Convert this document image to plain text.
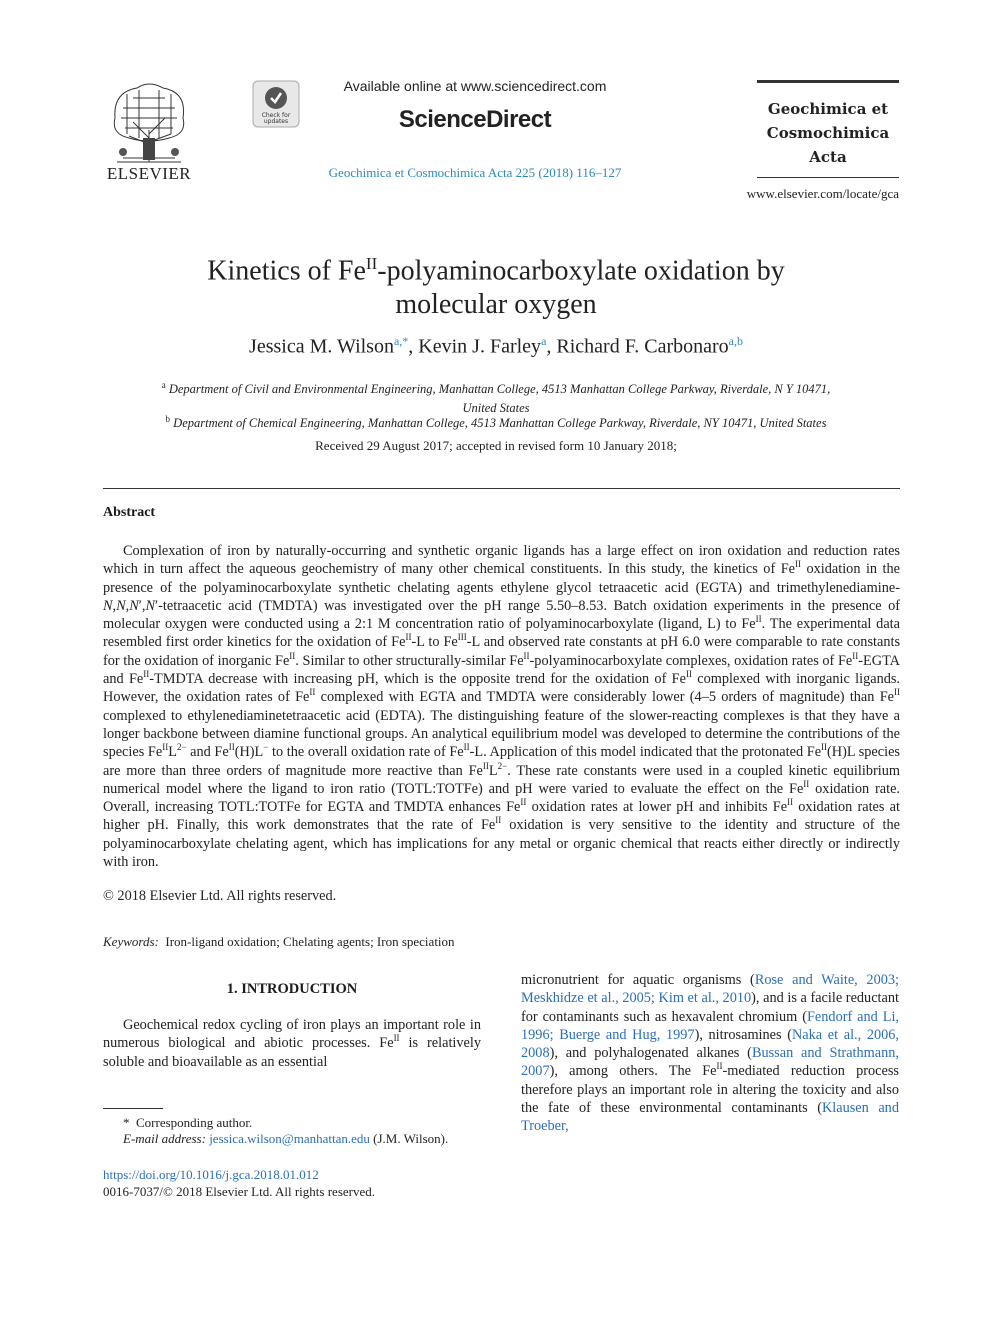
ELSEVIER
Check for
updates
Available online at www.sciencedirect.com
ScienceDirect
Geochimica et Cosmochimica Acta 225 (2018) 116–127
Geochimica et
Cosmochimica
Acta
www.elsevier.com/locate/gca
Kinetics of $Fe^{II}$-polyaminocarboxylate oxidation by
molecular oxygen
Jessica M. Wilson$^{a,*}$, Kevin J. Farley$^a$, Richard F. Carbonaro$^{a,b}$
$^a$ Department of Civil and Environmental Engineering, Manhattan College, 4513 Manhattan College Parkway, Riverdale, N Y 10471,
United States
$^b$ Department of Chemical Engineering, Manhattan College, 4513 Manhattan College Parkway, Riverdale, NY 10471, United States
Received 29 August 2017; accepted in revised form 10 January 2018;
Abstract
Complexation of iron by naturally-occurring and synthetic organic ligands has a large effect on iron oxidation and reduction rates which in turn affect the aqueous geochemistry of many other chemical constituents. In this study, the kinetics of $Fe^{II}$ oxidation in the presence of the polyaminocarboxylate synthetic chelating agents ethylene glycol tetraacetic acid (EGTA) and trimethylenediamine-N,N,N′,N′-tetraacetic acid (TMDTA) was investigated over the pH range 5.50–8.53. Batch oxidation experiments in the presence of molecular oxygen were conducted using a 2:1 M concentration ratio of polyaminocarboxylate (ligand, L) to $Fe^{II}$. The experimental data resembled first order kinetics for the oxidation of $Fe^{II}-L$ to $Fe^{III}-L$ and observed rate constants at pH 6.0 were comparable to rate constants for the oxidation of inorganic $Fe^{II}$. Similar to other structurally-similar $Fe^{II}$-polyaminocarboxylate complexes, oxidation rates of $Fe^{II}$-EGTA and $Fe^{II}$-TMDTA decrease with increasing pH, which is the opposite trend for the oxidation of $Fe^{II}$ complexed with inorganic ligands. However, the oxidation rates of $Fe^{II}$ complexed with EGTA and TMDTA were considerably lower (4–5 orders of magnitude) than $Fe^{II}$ complexed to ethylenediaminetetraacetic acid (EDTA). The distinguishing feature of the slower-reacting complexes is that they have a longer backbone between diamine functional groups. An analytical equilibrium model was developed to determine the contributions of the species $Fe^{II}L^{2-}$ and $Fe^{II}(H)L^-$ to the overall oxidation rate of $Fe^{II}-L$. Application of this model indicated that the protonated $Fe^{II}(H)L$ species are more than three orders of magnitude more reactive than $Fe^{II}L^{2-}$. These rate constants were used in a coupled kinetic equilibrium numerical model where the ligand to iron ratio (TOTL:TOTFe) and pH were varied to evaluate the effect on the $Fe^{II}$ oxidation rate. Overall, increasing TOTL:TOTFe for EGTA and TMDTA enhances $Fe^{II}$ oxidation rates at lower pH and inhibits $Fe^{II}$ oxidation rates at higher pH. Finally, this work demonstrates that the rate of $Fe^{II}$ oxidation is very sensitive to the identity and structure of the polyaminocarboxylate chelating agent, which has implications for any metal or organic chemical that reacts either directly or indirectly with iron.
© 2018 Elsevier Ltd. All rights reserved.
Keywords: Iron-ligand oxidation; Chelating agents; Iron speciation
1. INTRODUCTION
Geochemical redox cycling of iron plays an important role in numerous biological and abiotic processes. $Fe^{II}$ is relatively soluble and bioavailable as an essential
micronutrient for aquatic organisms (Rose and Waite, 2003; Meskhidze et al., 2005; Kim et al., 2010), and is a facile reductant for contaminants such as hexavalent chromium (Fendorf and Li, 1996; Buerge and Hug, 1997), nitrosamines (Naka et al., 2006, 2008), and polyhalogenated alkanes (Bussan and Strathmann, 2007), among others. The $Fe^{II}$-mediated reduction process therefore plays an important role in altering the toxicity and also the fate of these environmental contaminants (Klausen and Troeber,
* Corresponding author.
E-mail address: jessica.wilson@manhattan.edu (J.M. Wilson).
https://doi.org/10.1016/j.gca.2018.01.012
0016-7037/© 2018 Elsevier Ltd. All rights reserved.
